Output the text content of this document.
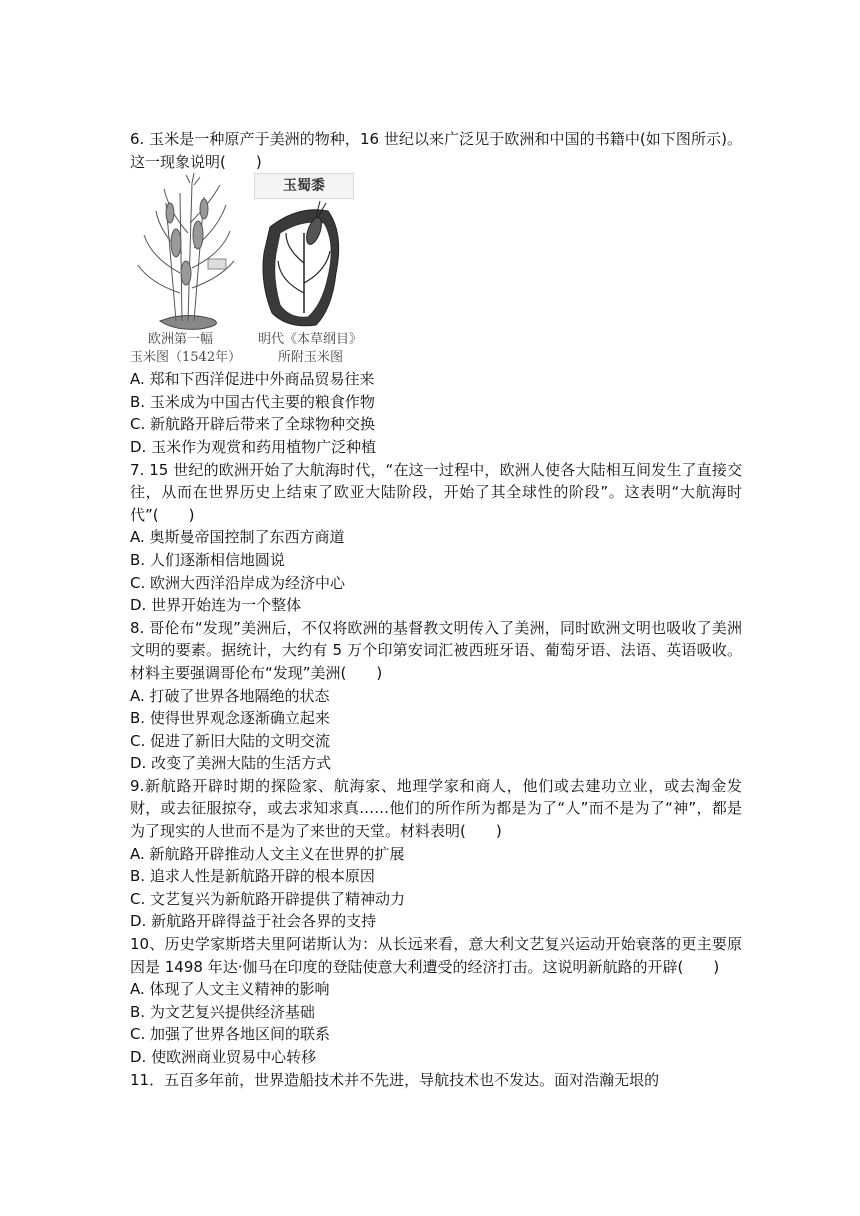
6. 玉米是一种原产于美洲的物种，16 世纪以来广泛见于欧洲和中国的书籍中(如下图所示)。这一现象说明(　　)

玉蜀黍
欧洲第一幅
玉米图（1542年）
明代《本草纲目》
所附玉米图

A. 郑和下西洋促进中外商品贸易往来

B. 玉米成为中国古代主要的粮食作物

C. 新航路开辟后带来了全球物种交换

D. 玉米作为观赏和药用植物广泛种植

7. 15 世纪的欧洲开始了大航海时代，“在这一过程中，欧洲人使各大陆相互间发生了直接交往，从而在世界历史上结束了欧亚大陆阶段，开始了其全球性的阶段”。这表明“大航海时代”(　　)

A. 奥斯曼帝国控制了东西方商道

B. 人们逐渐相信地圆说

C. 欧洲大西洋沿岸成为经济中心

D. 世界开始连为一个整体

8. 哥伦布“发现”美洲后，不仅将欧洲的基督教文明传入了美洲，同时欧洲文明也吸收了美洲文明的要素。据统计，大约有 5 万个印第安词汇被西班牙语、葡萄牙语、法语、英语吸收。材料主要强调哥伦布“发现”美洲(　　)

A. 打破了世界各地隔绝的状态

B. 使得世界观念逐渐确立起来

C. 促进了新旧大陆的文明交流

D. 改变了美洲大陆的生活方式

9.新航路开辟时期的探险家、航海家、地理学家和商人，他们或去建功立业，或去淘金发财，或去征服掠夺，或去求知求真……他们的所作所为都是为了“人”而不是为了“神”，都是为了现实的人世而不是为了来世的天堂。材料表明(　　)

A. 新航路开辟推动人文主义在世界的扩展

B. 追求人性是新航路开辟的根本原因

C. 文艺复兴为新航路开辟提供了精神动力

D. 新航路开辟得益于社会各界的支持

10、历史学家斯塔夫里阿诺斯认为：从长远来看，意大利文艺复兴运动开始衰落的更主要原因是 1498 年达·伽马在印度的登陆使意大利遭受的经济打击。这说明新航路的开辟(　　)

A. 体现了人文主义精神的影响

B. 为文艺复兴提供经济基础

C. 加强了世界各地区间的联系

D. 使欧洲商业贸易中心转移

11．五百多年前，世界造船技术并不先进，导航技术也不发达。面对浩瀚无垠的
